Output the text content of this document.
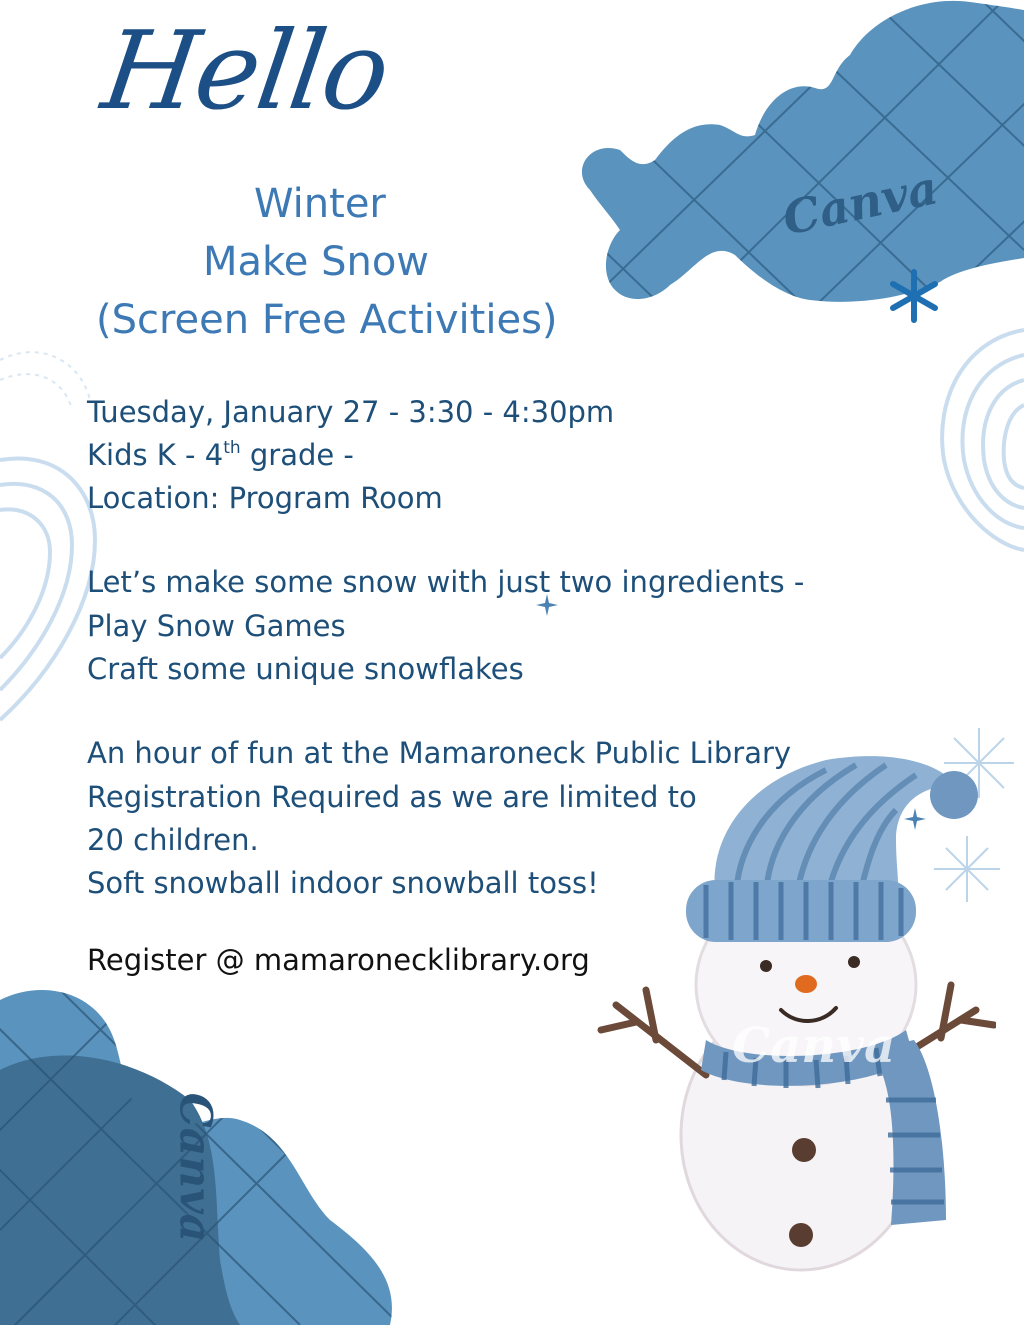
Canva
Canva
Canva
Hello
Winter
Make Snow
(Screen Free Activities)
Tuesday, January 27 - 3:30 - 4:30pm
Kids K - 4th grade -
Location: Program Room
Let’s make some snow with just two ingredients -
Play Snow Games
Craft some unique snowflakes
An hour of fun at the Mamaroneck Public Library
Registration Required as we are limited to
20 children.
Soft snowball indoor snowball toss!
Register @ mamaronecklibrary.org
